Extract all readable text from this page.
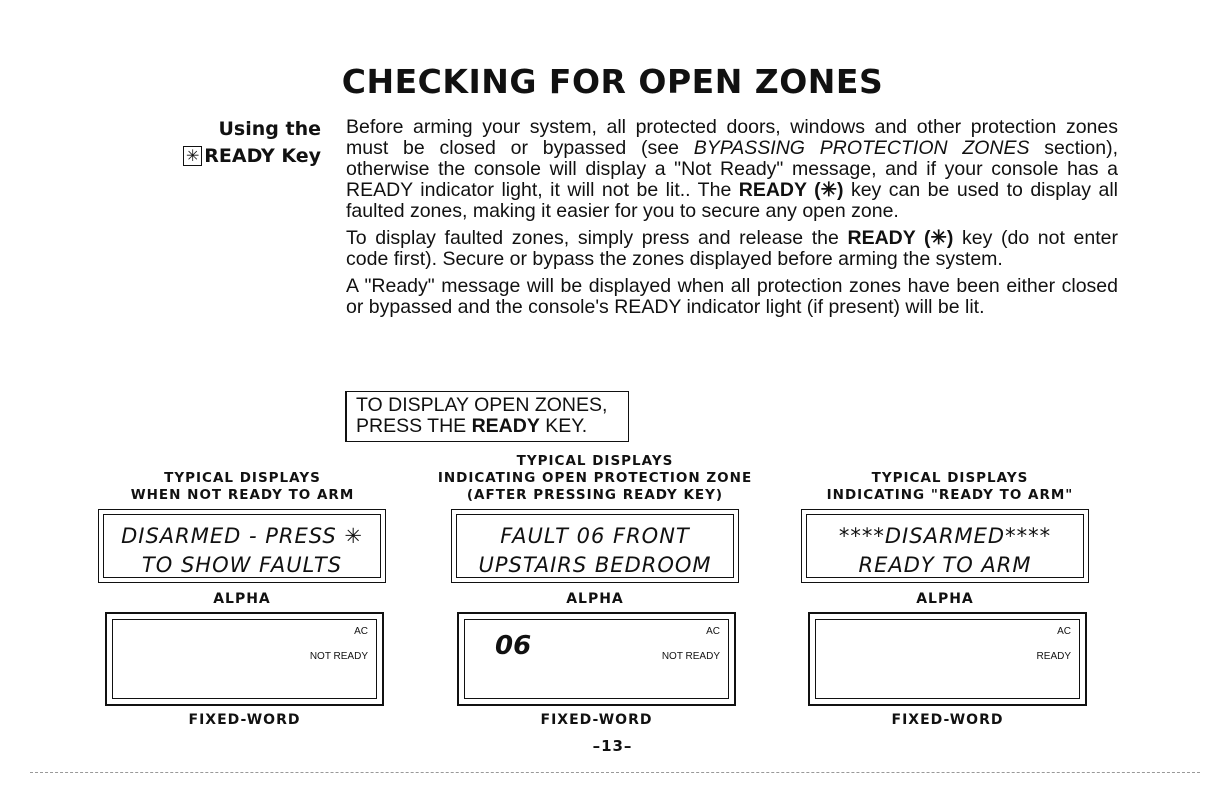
CHECKING FOR OPEN ZONES
Using the
✳ READY Key

Before arming your system, all protected doors, windows and other protection zones must be closed or bypassed (see BYPASSING PROTECTION ZONES section), otherwise the console will display a "Not Ready" message, and if your console has a READY indicator light, it will not be lit.. The READY (✳) key can be used to display all faulted zones, making it easier for you to secure any open zone.

To display faulted zones, simply press and release the READY (✳) key (do not enter code first). Secure or bypass the zones displayed before arming the system.

A "Ready" message will be displayed when all protection zones have been either closed or bypassed and the console's READY indicator light (if present) will be lit.

TO DISPLAY OPEN ZONES,
PRESS THE READY KEY.
TYPICAL DISPLAYS
WHEN NOT READY TO ARM
DISARMED - PRESS ✳
TO SHOW FAULTS
ALPHA
AC
NOT READY
FIXED-WORD
TYPICAL DISPLAYS
INDICATING OPEN PROTECTION ZONE
(AFTER PRESSING READY KEY)
FAULT 06 FRONT
UPSTAIRS BEDROOM
ALPHA
06	AC
NOT READY
FIXED-WORD
TYPICAL DISPLAYS
INDICATING "READY TO ARM"
****DISARMED****
READY TO ARM
ALPHA
AC
READY
FIXED-WORD
–13–
